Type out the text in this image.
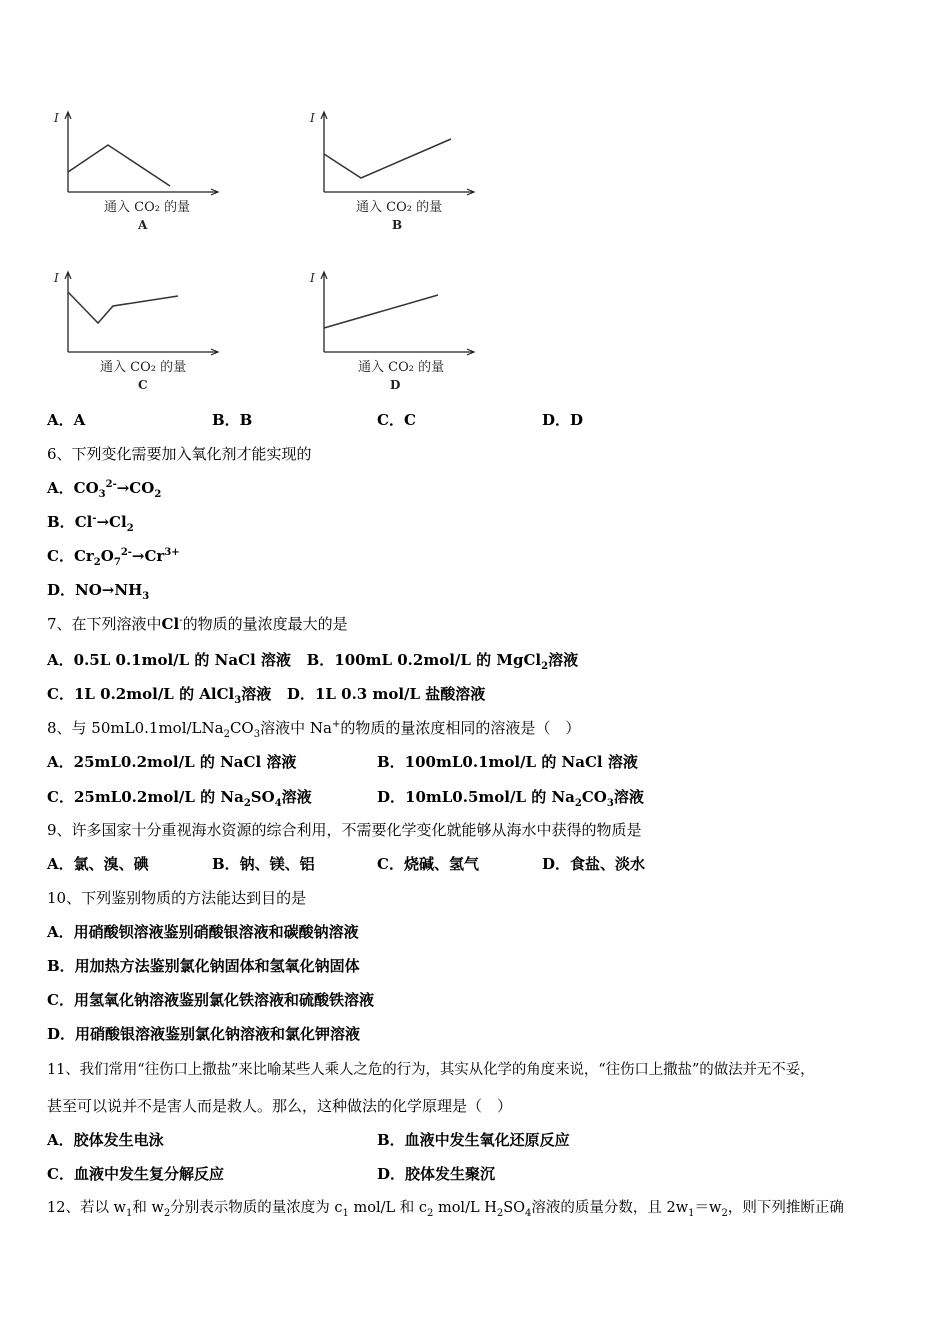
I
通入 CO₂ 的量
A
I
通入 CO₂ 的量
B
I
通入 CO₂ 的量
C
I
通入 CO₂ 的量
D
A．A	B．B	C．C	D．D
6、下列变化需要加入氧化剂才能实现的
A．$CO_3^{2-}\to CO_2$
B．$Cl^-\to Cl_2$
C．$Cr_2O_7^{2-}\to Cr^{3+}$
D．$NO\to NH_3$
7、在下列溶液中Cl-的物质的量浓度最大的是
A．0.5L 0.1mol/L 的 NaCl 溶液 B．100mL 0.2mol/L 的 MgCl$_2$溶液
C．1L 0.2mol/L 的 AlCl$_3$溶液 D．1L 0.3 mol/L 盐酸溶液
8、与 $50mL0.1mol/LNa_2CO_3$溶液中 Na+的物质的量浓度相同的溶液是（　）
A．25mL0.2mol/L 的 NaCl 溶液	B．100mL0.1mol/L 的 NaCl 溶液
C．25mL0.2mol/L 的 $Na_2SO_4$溶液	D．10mL0.5mol/L 的 $Na_2CO_3$溶液
9、许多国家十分重视海水资源的综合利用，不需要化学变化就能够从海水中获得的物质是
A．氯、溴、碘	B．钠、镁、铝	C．烧碱、氢气	D．食盐、淡水
10、下列鉴别物质的方法能达到目的是
A．用硝酸钡溶液鉴别硝酸银溶液和碳酸钠溶液
B．用加热方法鉴别氯化钠固体和氢氧化钠固体
C．用氢氧化钠溶液鉴别氯化铁溶液和硫酸铁溶液
D．用硝酸银溶液鉴别氯化钠溶液和氯化钾溶液
11、我们常用“往伤口上撒盐”来比喻某些人乘人之危的行为，其实从化学的角度来说，“往伤口上撒盐”的做法并无不妥，
甚至可以说并不是害人而是救人。那么，这种做法的化学原理是（　）
A．胶体发生电泳	B．血液中发生氧化还原反应
C．血液中发生复分解反应	D．胶体发生聚沉
12、若以 $w_1$和 $w_2$分别表示物质的量浓度为 $c_1$ mol/L 和 $c_2$ mol/L $H_2SO_4$溶液的质量分数，且 $2w_1=w_2$，则下列推断正确
